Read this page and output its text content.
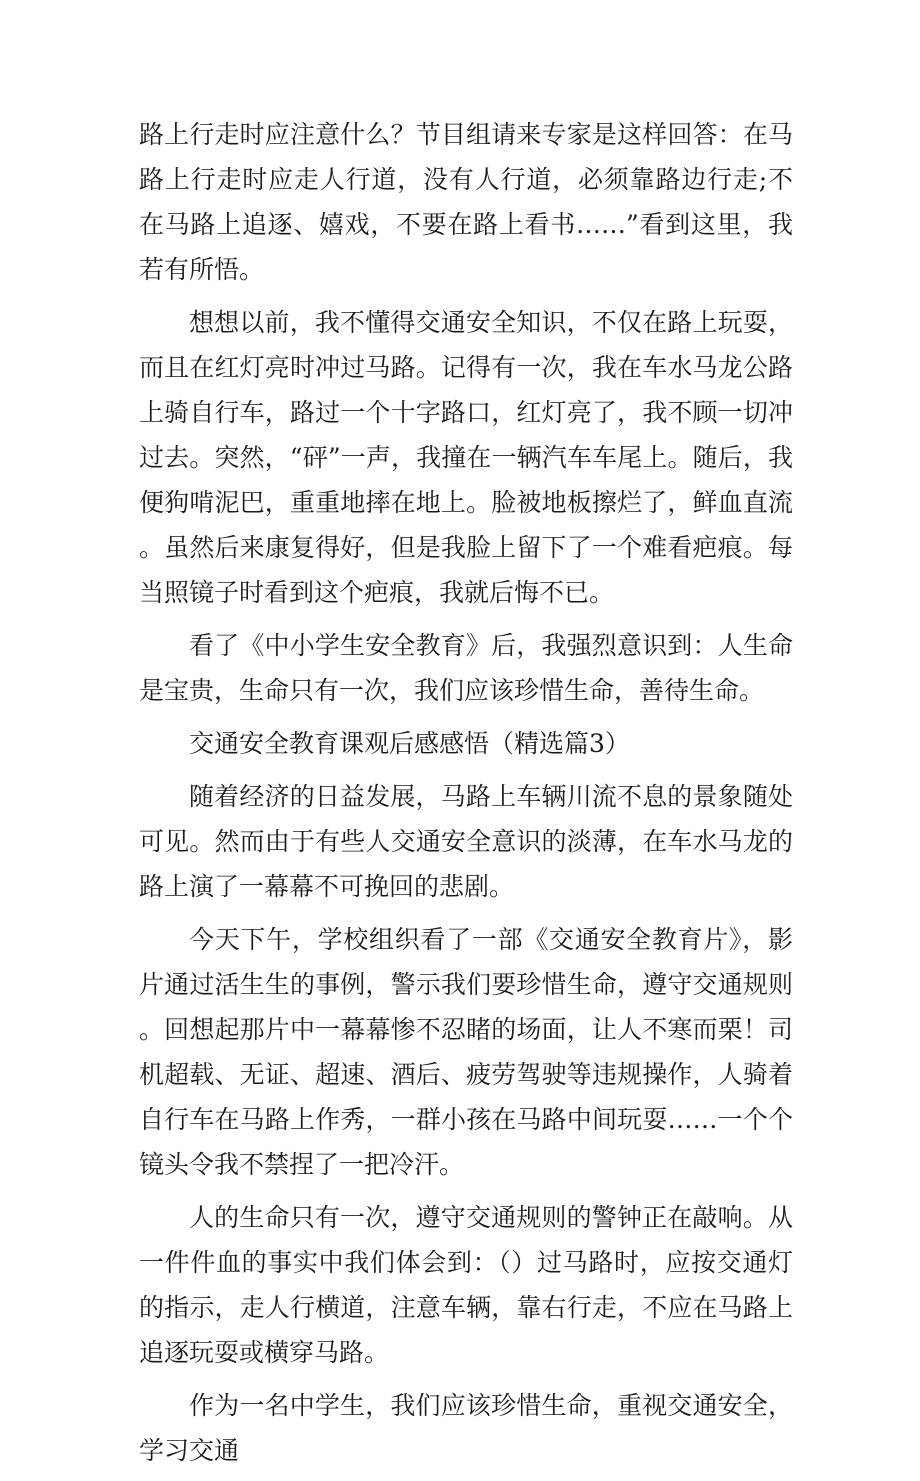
路上行走时应注意什么？节目组请来专家是这样回答：在马路上行走时应走人行道，没有人行道，必须靠路边行走;不在马路上追逐、嬉戏，不要在路上看书……”看到这里，我若有所悟。

想想以前，我不懂得交通安全知识，不仅在路上玩耍，而且在红灯亮时冲过马路。记得有一次，我在车水马龙公路上骑自行车，路过一个十字路口，红灯亮了，我不顾一切冲过去。突然，“砰”一声，我撞在一辆汽车车尾上。随后，我便狗啃泥巴，重重地摔在地上。脸被地板擦烂了，鲜血直流。虽然后来康复得好，但是我脸上留下了一个难看疤痕。每当照镜子时看到这个疤痕，我就后悔不已。

看了《中小学生安全教育》后，我强烈意识到：人生命是宝贵，生命只有一次，我们应该珍惜生命，善待生命。

交通安全教育课观后感感悟（精选篇3）

随着经济的日益发展，马路上车辆川流不息的景象随处可见。然而由于有些人交通安全意识的淡薄，在车水马龙的路上演了一幕幕不可挽回的悲剧。

今天下午，学校组织看了一部《交通安全教育片》，影片通过活生生的事例，警示我们要珍惜生命，遵守交通规则。回想起那片中一幕幕惨不忍睹的场面，让人不寒而栗！司机超载、无证、超速、酒后、疲劳驾驶等违规操作，人骑着自行车在马路上作秀，一群小孩在马路中间玩耍……一个个镜头令我不禁捏了一把冷汗。

人的生命只有一次，遵守交通规则的警钟正在敲响。从一件件血的事实中我们体会到：（）过马路时，应按交通灯的指示，走人行横道，注意车辆，靠右行走，不应在马路上追逐玩耍或横穿马路。

作为一名中学生，我们应该珍惜生命，重视交通安全，学习交通
